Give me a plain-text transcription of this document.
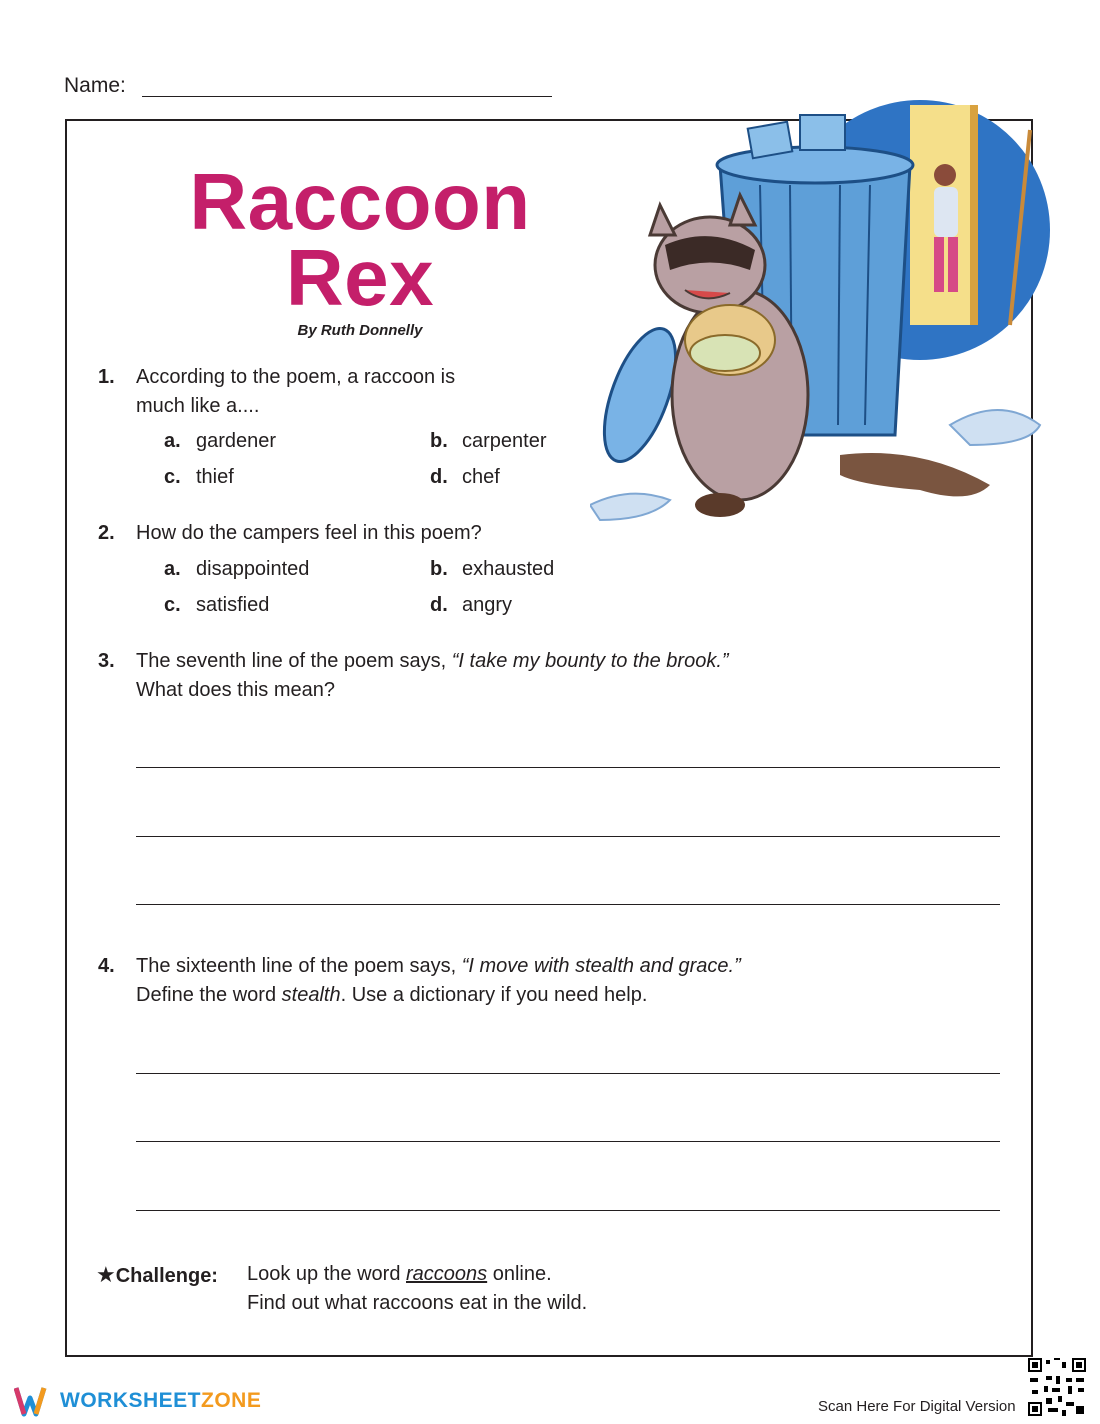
Name:
Raccoon
Rex
By Ruth Donnelly
1. According to the poem, a raccoon is
much like a....
a. gardener	b. carpenter
c. thief	d. chef
2. How do the campers feel in this poem?
a. disappointed	b. exhausted
c. satisfied	d. angry
3. The seventh line of the poem says, “I take my bounty to the brook.”
What does this mean?
4. The sixteenth line of the poem says, “I move with stealth and grace.”
Define the word stealth. Use a dictionary if you need help.
★Challenge: Look up the word raccoons online.
Find out what raccoons eat in the wild.
WORKSHEETZONE	Scan Here For Digital Version
